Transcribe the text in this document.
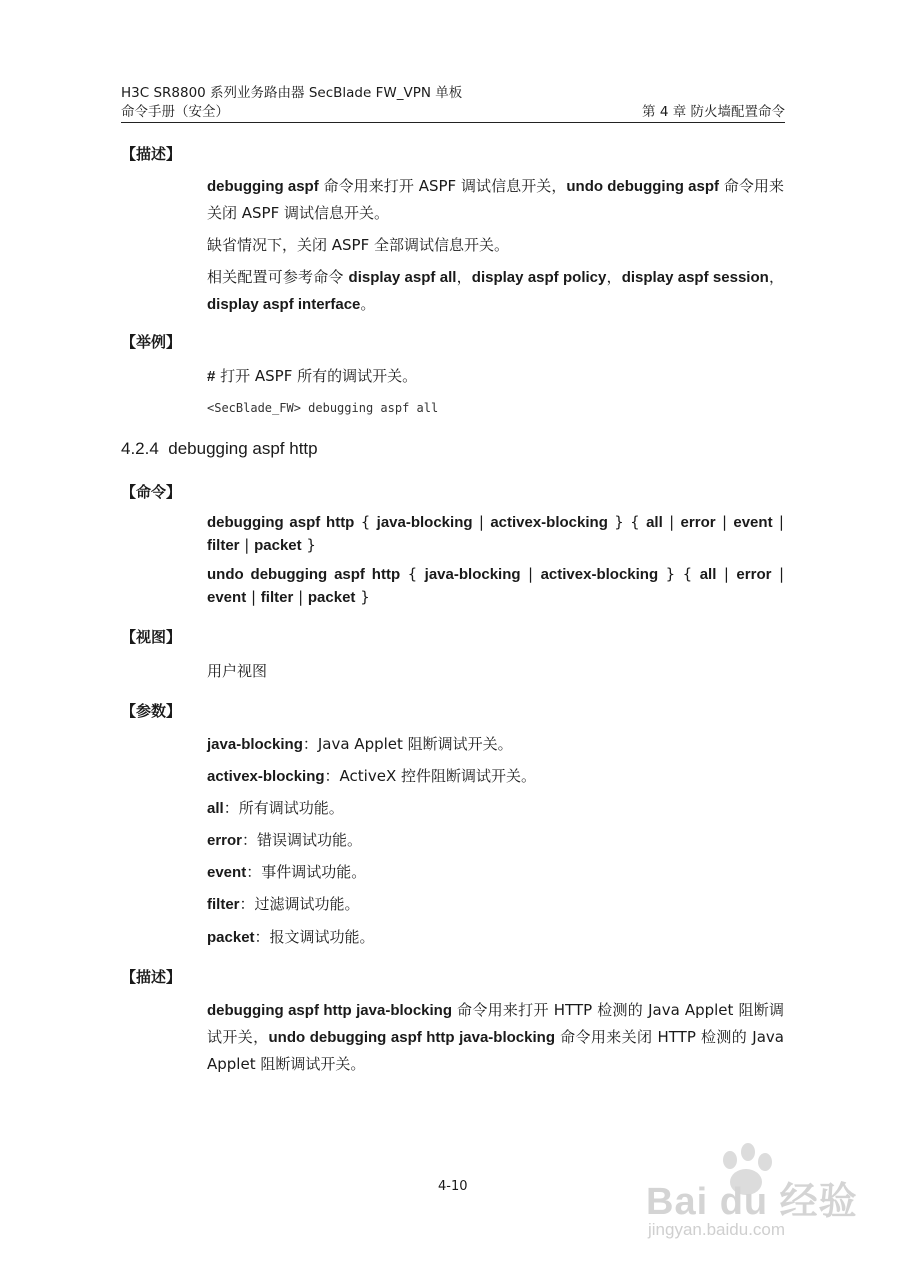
H3C SR8800 系列业务路由器 SecBlade FW_VPN 单板
命令手册（安全）	第 4 章 防火墙配置命令
【描述】

debugging aspf 命令用来打开 ASPF 调试信息开关，undo debugging aspf 命令用来关闭 ASPF 调试信息开关。

缺省情况下，关闭 ASPF 全部调试信息开关。

相关配置可参考命令 display aspf all，display aspf policy，display aspf session，display aspf interface。

【举例】
# 打开 ASPF 所有的调试开关。
<SecBlade_FW> debugging aspf all
4.2.4 debugging aspf http
【命令】
debugging aspf http { java-blocking | activex-blocking } { all | error | event | filter | packet }
undo debugging aspf http { java-blocking | activex-blocking } { all | error | event | filter | packet }
【视图】
用户视图
【参数】
java-blocking：Java Applet 阻断调试开关。
activex-blocking：ActiveX 控件阻断调试开关。
all：所有调试功能。
error：错误调试功能。
event：事件调试功能。
filter：过滤调试功能。
packet：报文调试功能。
【描述】

debugging aspf http java-blocking 命令用来打开 HTTP 检测的 Java Applet 阻断调试开关，undo debugging aspf http java-blocking 命令用来关闭 HTTP 检测的 Java Applet 阻断调试开关。

4-10	Bai du 经验
jingyan.baidu.com
